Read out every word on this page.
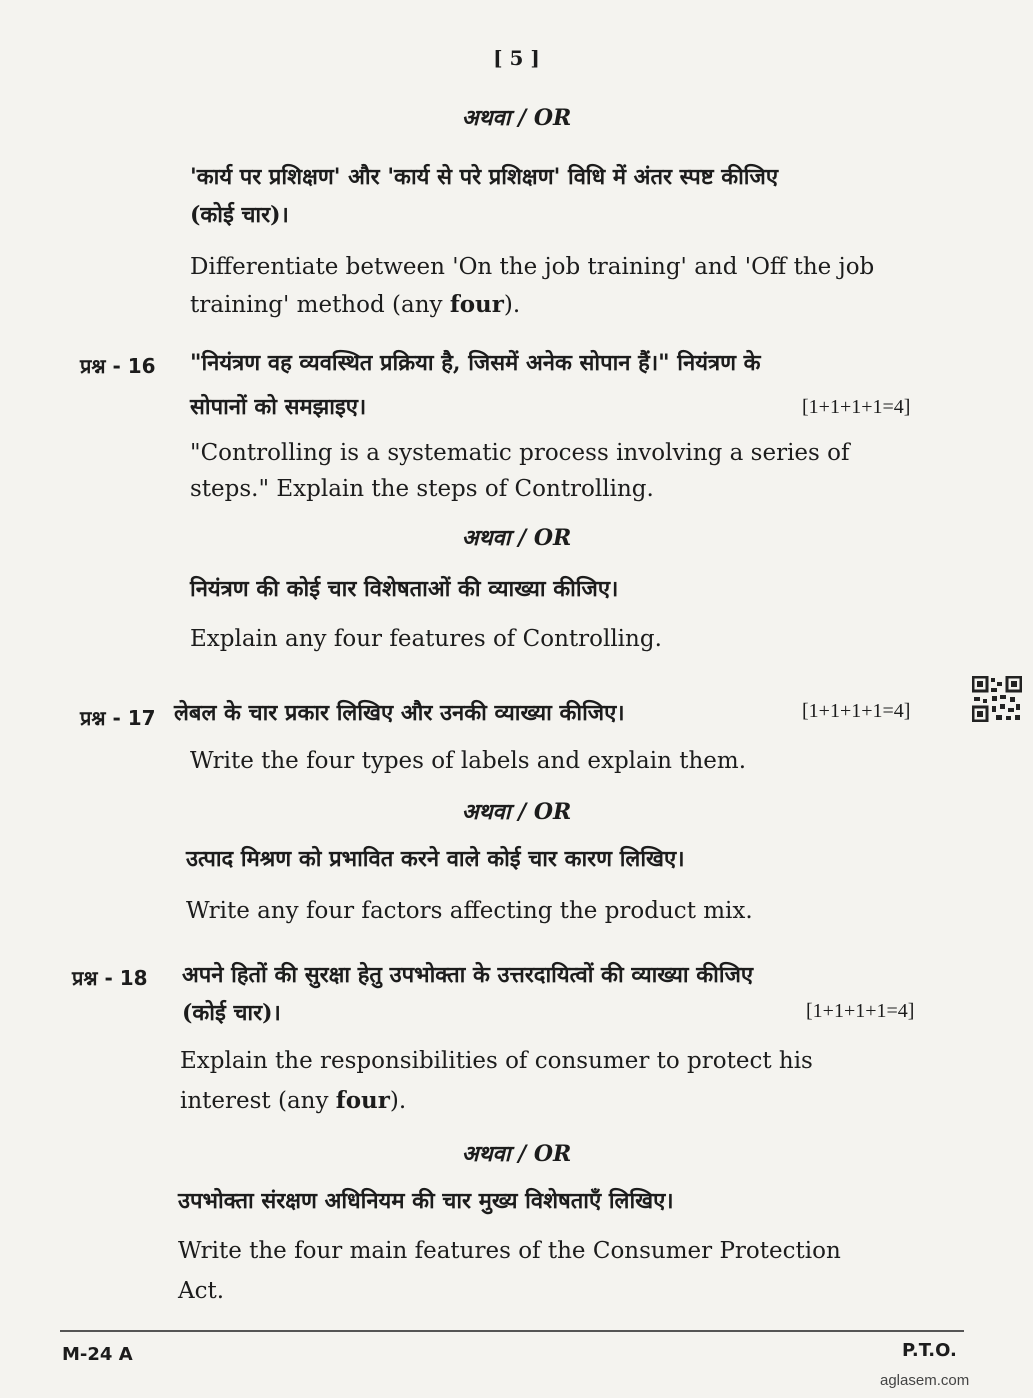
[ 5 ]
अथवा / OR
'कार्य पर प्रशिक्षण' और 'कार्य से परे प्रशिक्षण' विधि में अंतर स्पष्ट कीजिए
(कोई चार)।
Differentiate between 'On the job training' and 'Off the job
training' method (any four).
प्रश्न - 16 "नियंत्रण वह व्यवस्थित प्रक्रिया है, जिसमें अनेक सोपान हैं।" नियंत्रण के
सोपानों को समझाइए।	[1+1+1+1=4]
"Controlling is a systematic process involving a series of
steps." Explain the steps of Controlling.
अथवा / OR
नियंत्रण की कोई चार विशेषताओं की व्याख्या कीजिए।
Explain any four features of Controlling.
प्रश्न - 17 लेबल के चार प्रकार लिखिए और उनकी व्याख्या कीजिए।	[1+1+1+1=4]
Write the four types of labels and explain them.
अथवा / OR
उत्पाद मिश्रण को प्रभावित करने वाले कोई चार कारण लिखिए।
Write any four factors affecting the product mix.
प्रश्न - 18 अपने हितों की सुरक्षा हेतु उपभोक्ता के उत्तरदायित्वों की व्याख्या कीजिए
(कोई चार)।	[1+1+1+1=4]
Explain the responsibilities of consumer to protect his
interest (any four).
अथवा / OR
उपभोक्ता संरक्षण अधिनियम की चार मुख्य विशेषताएँ लिखिए।
Write the four main features of the Consumer Protection
Act.
M-24 A	P.T.O.
aglasem.com
